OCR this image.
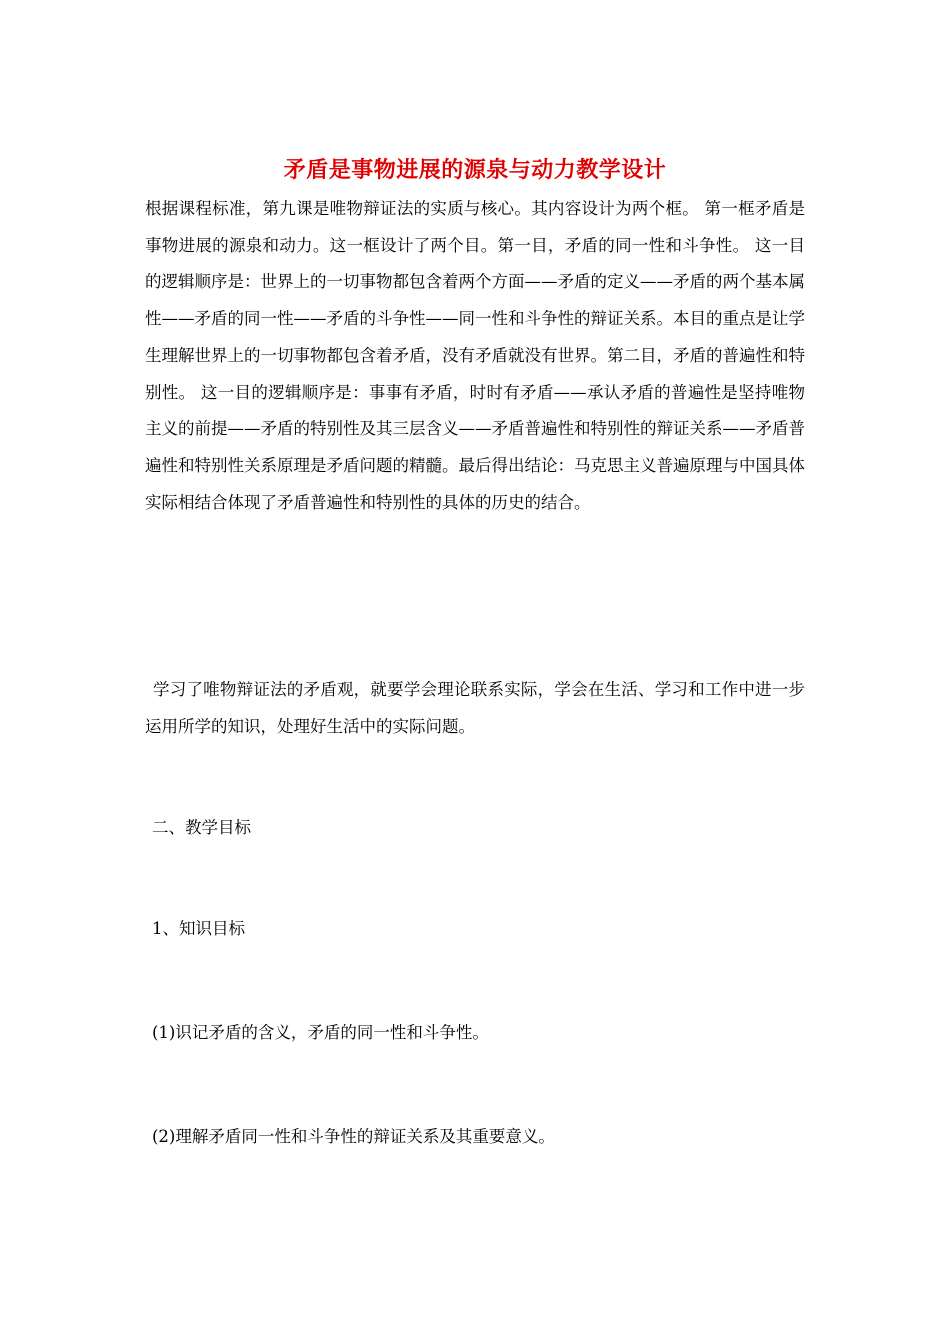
矛盾是事物进展的源泉与动力教学设计

根据课程标准，第九课是唯物辩证法的实质与核心。其内容设计为两个框。 第一框矛盾是事物进展的源泉和动力。这一框设计了两个目。第一目，矛盾的同一性和斗争性。 这一目的逻辑顺序是：世界上的一切事物都包含着两个方面——矛盾的定义——矛盾的两个基本属性——矛盾的同一性——矛盾的斗争性——同一性和斗争性的辩证关系。本目的重点是让学生理解世界上的一切事物都包含着矛盾，没有矛盾就没有世界。第二目，矛盾的普遍性和特别性。 这一目的逻辑顺序是：事事有矛盾，时时有矛盾——承认矛盾的普遍性是坚持唯物主义的前提——矛盾的特别性及其三层含义——矛盾普遍性和特别性的辩证关系——矛盾普遍性和特别性关系原理是矛盾问题的精髓。最后得出结论：马克思主义普遍原理与中国具体实际相结合体现了矛盾普遍性和特别性的具体的历史的结合。

学习了唯物辩证法的矛盾观，就要学会理论联系实际，学会在生活、学习和工作中进一步运用所学的知识，处理好生活中的实际问题。

二、教学目标

1、知识目标

(1)识记矛盾的含义，矛盾的同一性和斗争性。

(2)理解矛盾同一性和斗争性的辩证关系及其重要意义。
